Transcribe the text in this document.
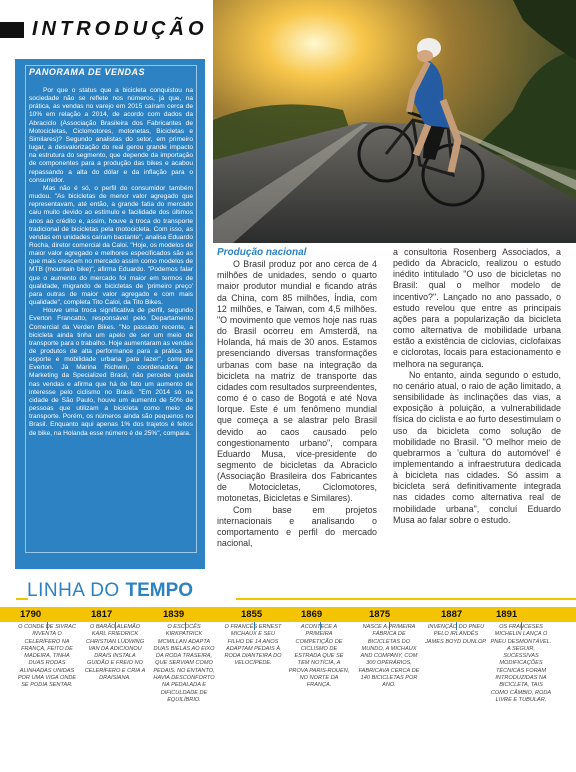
INTRODUÇÃO
PANORAMA DE VENDAS

Por que o status que a bicicleta conquistou na sociedade não se reflete nos números, já que, na prática, as vendas no varejo em 2015 caíram cerca de 10% em relação a 2014, de acordo com dados da Abraciclo (Associação Brasileira dos Fabricantes de Motocicletas, Ciclomotores, motonetas, Bicicletas e Similares)? Segundo analistas do setor, em primeiro lugar, a desvalorização do real gerou grande impacto na estrutura do segmento, que depende da importação de componentes para a produção das bikes e acabou repassando a alta do dólar e da inflação para o consumidor.

Mas não é só, o perfil do consumidor também mudou. "As bicicletas de menor valor agregado que representavam, até então, a grande fatia do mercado caiu muito devido ao estímulo e facilidade dos últimos anos ao crédito e, assim, houve a troca do transporte tradicional de bicicletas pela motocicleta. Com isso, as vendas em unidades caíram bastante", analisa Eduardo Rocha, diretor comercial da Caloi. "Hoje, os modelos de maior valor agregado e melhores especificados são as que mais crescem no mercado assim como modelos de MTB (mountain bike)", afirma Eduardo. "Podemos falar que o aumento do mercado foi maior em termos de qualidade, migrando de bicicletas de 'primeiro preço' para outras de maior valor agregado e com mais qualidade", completa Tito Caloi, da Tito Bikes.

Houve uma troca significativa de perfil, segundo Everton Francatto, responsável pelo Departamento Comercial da Verden Bikes. "No passado recente, a bicicleta ainda tinha um apelo de ser um meio de transporte para o trabalho. Hoje aumentaram as vendas de produtos de alta performance para a prática de esporte e mobilidade urbana para lazer", compara Everton. Já Marina Richwin, coordenadora de Marketing da Specialized Brasil, não percebe queda nas vendas e afirma que há de fato um aumento de interesse pelo ciclismo no Brasil. "Em 2014 só na cidade de São Paulo, houve um aumento de 50% de pessoas que utilizam a bicicleta como meio de transporte. Porém, os números ainda são pequenos no Brasil. Enquanto aqui apenas 1% dos trajetos é feitos de bike, na Holanda esse número é de 25%", compara.

Produção nacional

O Brasil produz por ano cerca de 4 milhões de unidades, sendo o quarto maior produtor mundial e ficando atrás da China, com 85 milhões, Índia, com 12 milhões, e Taiwan, com 4,5 milhões. "O movimento que vemos hoje nas ruas do Brasil ocorreu em Amsterdã, na Holanda, há mais de 30 anos. Estamos presenciando diversas transformações urbanas com base na integração da bicicleta na matriz de transporte das cidades com resultados surpreendentes, como é o caso de Bogotá e até Nova Iorque. Este é um fenômeno mundial que começa a se alastrar pelo Brasil devido ao caos causado pelo congestionamento urbano", compara Eduardo Musa, vice-presidente do segmento de bicicletas da Abraciclo (Associação Brasileira dos Fabricantes de Motocicletas, Ciclomotores, motonetas, Bicicletas e Similares).

Com base em projetos internacionais e analisando o comportamento e perfil do mercado nacional,

a consultoria Rosenberg Associados, a pedido da Abraciclo, realizou o estudo inédito intitulado "O uso de bicicletas no Brasil: qual o melhor modelo de incentivo?". Lançado no ano passado, o estudo revelou que entre as principais ações para a popularização da bicicleta como alternativa de mobilidade urbana estão a existência de ciclovias, ciclofaixas e ciclorotas, locais para estacionamento e melhora na segurança.

No entanto, ainda segundo o estudo, no cenário atual, o raio de ação limitado, a sensibilidade às inclinações das vias, a exposição à poluição, a vulnerabilidade física do ciclista e ao furto desestimulam o uso da bicicleta como solução de mobilidade no Brasil. "O melhor meio de quebrarmos a 'cultura do automóvel' é implementando a infraestrutura dedicada à bicicleta nas cidades. Só assim a bicicleta será definitivamente integrada nas cidades como alternativa real de mobilidade urbana", concluí Eduardo Musa ao falar sobre o estudo.

LINHA DO TEMPO
1790
O CONDE DE SIVRAC INVENTA O CELERÍFERO NA FRANÇA, FEITO DE MADEIRA, TINHA DUAS RODAS ALINHADAS UNIDAS POR UMA VIGA ONDE SE PODIA SENTAR.
1817
O BARÃO ALEMÃO KARL FRIEDRICK CHRISTIAN LUDWING VAN DA ADICIONOU DRAIS INSTALA GUIDÃO E FREIO NO CELERÍFERO E CRIA A DRAISIANA.
1839
O ESCOCÊS KIRKPATRICK MCMILLAN ADAPTA DUAS BIELAS AO EIXO DA RODA TRASEIRA, QUE SERVIAM COMO PEDAIS. NO ENTANTO, HAVIA DESCONFORTO NA PEDALADA E DIFICULDADE DE EQUILÍBRIO.
1855
O FRANCÊS ERNEST MICHAUX E SEU FILHO DE 14 ANOS ADAPTAM PEDAIS À RODA DIANTEIRA DO VELOCÍPEDE.
1869
ACONTECE A PRIMEIRA COMPETIÇÃO DE CICLISMO DE ESTRADA QUE SE TEM NOTÍCIA, A PROVA PARIS-ROUEN, NO NORTE DA FRANÇA.
1875
NASCE A PRIMEIRA FÁBRICA DE BICICLETAS DO MUNDO, A MICHAUX AND COMPANY, COM 300 OPERÁRIOS, FABRICAVA CERCA DE 140 BICICLETAS POR ANO.
1887
INVENÇÃO DO PNEU PELO IRLANDÊS JAMES BOYD DUNLOP.
1891
OS FRANCESES MICHELIN LANÇA O PNEU DESMONTÁVEL. A SEGUIR, SUCESSIVAS MODIFICAÇÕES TÉCNICAS FORAM INTRODUZIDAS NA BICICLETA, TAIS COMO CÂMBIO, RODA LIVRE E TUBULAR.
